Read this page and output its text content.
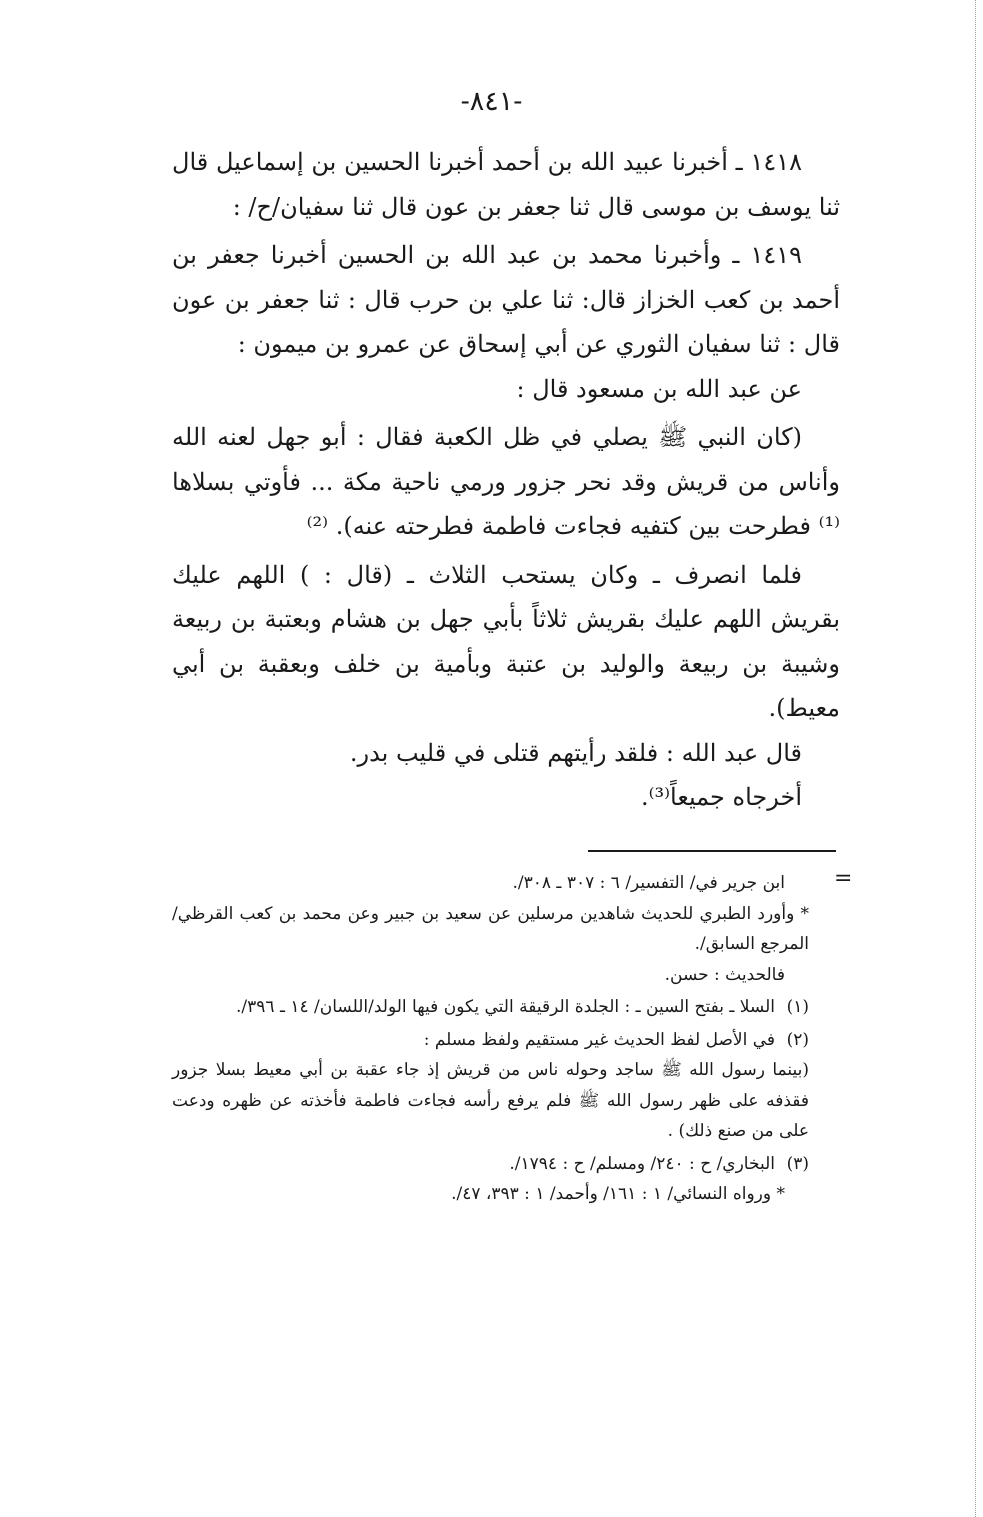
-٨٤١-

١٤١٨ ـ أخبرنا عبيد الله بن أحمد أخبرنا الحسين بن إسماعيل قال ثنا يوسف بن موسى قال ثنا جعفر بن عون قال ثنا سفيان/ح/ :

١٤١٩ ـ وأخبرنا محمد بن عبد الله بن الحسين أخبرنا جعفر بن أحمد بن كعب الخزاز قال: ثنا علي بن حرب قال : ثنا جعفر بن عون قال : ثنا سفيان الثوري عن أبي إسحاق عن عمرو بن ميمون :

عن عبد الله بن مسعود قال :

(كان النبي ﷺ يصلي في ظل الكعبة فقال : أبو جهل لعنه الله وأناس من قريش وقد نحر جزور ورمي ناحية مكة ... فأوتي بسلاها ⁽¹⁾ فطرحت بين كتفيه فجاءت فاطمة فطرحته عنه). ⁽²⁾

فلما انصرف ـ وكان يستحب الثلاث ـ (قال : ) اللهم عليك بقريش اللهم عليك بقريش ثلاثاً بأبي جهل بن هشام وبعتبة بن ربيعة وشيبة بن ربيعة والوليد بن عتبة وبأمية بن خلف وبعقبة بن أبي معيط).

قال عبد الله : فلقد رأيتهم قتلى في قليب بدر.

أخرجاه جميعاً⁽³⁾.

=

ابن جرير في/ التفسير/ ٦ : ٣٠٧ ـ ٣٠٨/.

* وأورد الطبري للحديث شاهدين مرسلين عن سعيد بن جبير وعن محمد بن كعب القرظي/ المرجع السابق/.

فالحديث : حسن.

(١)السلا ـ بفتح السين ـ : الجلدة الرقيقة التي يكون فيها الولد/اللسان/ ١٤ ـ ٣٩٦/.

(٢)في الأصل لفظ الحديث غير مستقيم ولفظ مسلم :

(بينما رسول الله ﷺ ساجد وحوله ناس من قريش إذ جاء عقبة بن أبي معيط بسلا جزور فقذفه على ظهر رسول الله ﷺ فلم يرفع رأسه فجاءت فاطمة فأخذته عن ظهره ودعت على من صنع ذلك) .

(٣)البخاري/ ح : ٢٤٠/ ومسلم/ ح : ١٧٩٤/.

* ورواه النسائي/ ١ : ١٦١/ وأحمد/ ١ : ٣٩٣، ٤٧/.
